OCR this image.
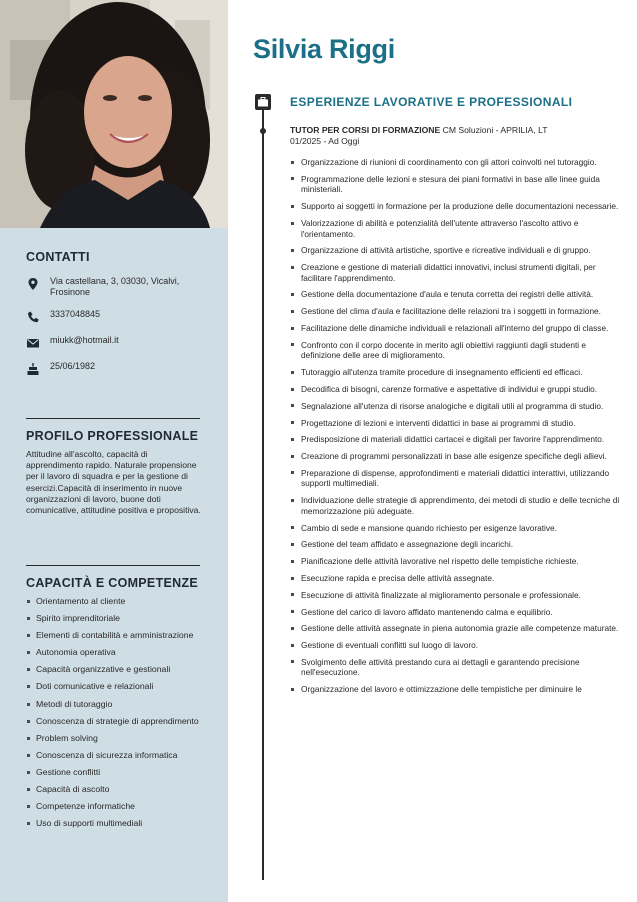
CONTATTI
Via castellana, 3, 03030, Vicalvi, Frosinone
3337048845
miukk@hotmail.it
25/06/1982
PROFILO PROFESSIONALE
Attitudine all'ascolto, capacità di apprendimento rapido. Naturale propensione per il lavoro di squadra e per la gestione di esercizi.Capacità di inserimento in nuove organizzazioni di lavoro, buone doti comunicative, attitudine positiva e propositiva.
CAPACITÀ E COMPETENZE
Orientamento al cliente
Spirito imprenditoriale
Elementi di contabilità e amministrazione
Autonomia operativa
Capacità organizzative e gestionali
Doti comunicative e relazionali
Metodi di tutoraggio
Conoscenza di strategie di apprendimento
Problem solving
Conoscenza di sicurezza informatica
Gestione conflitti
Capacità di ascolto
Competenze informatiche
Uso di supporti multimediali
Silvia Riggi
ESPERIENZE LAVORATIVE E PROFESSIONALI
TUTOR PER CORSI DI FORMAZIONE CM Soluzioni - APRILIA, LT
01/2025 - Ad Oggi
Organizzazione di riunioni di coordinamento con gli attori coinvolti nel tutoraggio.
Programmazione delle lezioni e stesura dei piani formativi in base alle linee guida ministeriali.
Supporto ai soggetti in formazione per la produzione delle documentazioni necessarie.
Valorizzazione di abilità e potenzialità dell'utente attraverso l'ascolto attivo e l'orientamento.
Organizzazione di attività artistiche, sportive e ricreative individuali e di gruppo.
Creazione e gestione di materiali didattici innovativi, inclusi strumenti digitali, per facilitare l'apprendimento.
Gestione della documentazione d'aula e tenuta corretta dei registri delle attività.
Gestione del clima d'aula e facilitazione delle relazioni tra i soggetti in formazione.
Facilitazione delle dinamiche individuali e relazionali all'interno del gruppo di classe.
Confronto con il corpo docente in merito agli obiettivi raggiunti dagli studenti e definizione delle aree di miglioramento.
Tutoraggio all'utenza tramite procedure di insegnamento efficienti ed efficaci.
Decodifica di bisogni, carenze formative e aspettative di individui e gruppi studio.
Segnalazione all'utenza di risorse analogiche e digitali utili al programma di studio.
Progettazione di lezioni e interventi didattici in base ai programmi di studio.
Predisposizione di materiali didattici cartacei e digitali per favorire l'apprendimento.
Creazione di programmi personalizzati in base alle esigenze specifiche degli allievi.
Preparazione di dispense, approfondimenti e materiali didattici interattivi, utilizzando supporti multimediali.
Individuazione delle strategie di apprendimento, dei metodi di studio e delle tecniche di memorizzazione più adeguate.
Cambio di sede e mansione quando richiesto per esigenze lavorative.
Gestione del team affidato e assegnazione degli incarichi.
Pianificazione delle attività lavorative nel rispetto delle tempistiche richieste.
Esecuzione rapida e precisa delle attività assegnate.
Esecuzione di attività finalizzate al miglioramento personale e professionale.
Gestione del carico di lavoro affidato mantenendo calma e equilibrio.
Gestione delle attività assegnate in piena autonomia grazie alle competenze maturate.
Gestione di eventuali conflitti sul luogo di lavoro.
Svolgimento delle attività prestando cura ai dettagli e garantendo precisione nell'esecuzione.
Organizzazione del lavoro e ottimizzazione delle tempistiche per diminuire le
